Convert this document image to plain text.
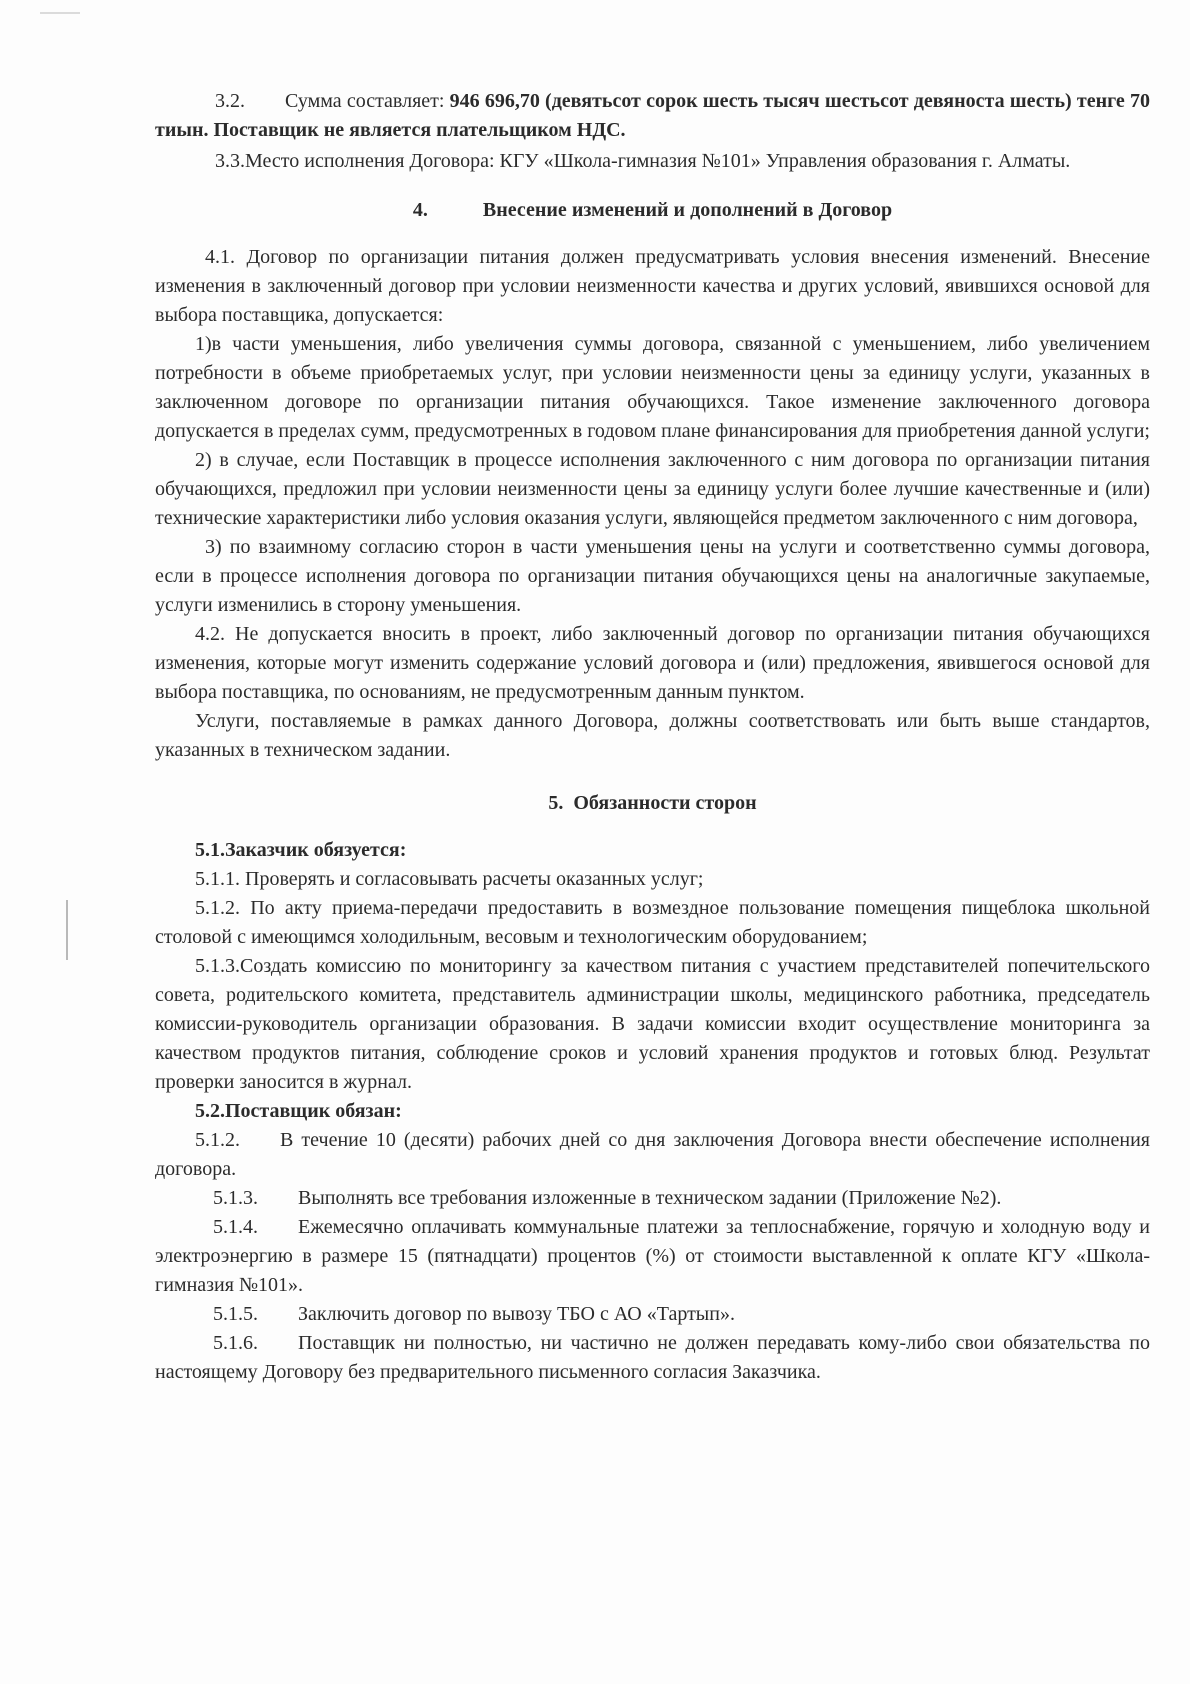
3.2. Сумма составляет: 946 696,70 (девятьсот сорок шесть тысяч шестьсот девяноста шесть) тенге 70 тиын. Поставщик не является плательщиком НДС.

3.3.Место исполнения Договора: КГУ «Школа-гимназия №101» Управления образования г. Алматы.

4.	Внесение изменений и дополнений в Договор

4.1. Договор по организации питания должен предусматривать условия внесения изменений. Внесение изменения в заключенный договор при условии неизменности качества и других условий, явившихся основой для выбора поставщика, допускается:

1)в части уменьшения, либо увеличения суммы договора, связанной с уменьшением, либо увеличением потребности в объеме приобретаемых услуг, при условии неизменности цены за единицу услуги, указанных в заключенном договоре по организации питания обучающихся. Такое изменение заключенного договора допускается в пределах сумм, предусмотренных в годовом плане финансирования для приобретения данной услуги;

2) в случае, если Поставщик в процессе исполнения заключенного с ним договора по организации питания обучающихся, предложил при условии неизменности цены за единицу услуги более лучшие качественные и (или) технические характеристики либо условия оказания услуги, являющейся предметом заключенного с ним договора,

3) по взаимному согласию сторон в части уменьшения цены на услуги и соответственно суммы договора, если в процессе исполнения договора по организации питания обучающихся цены на аналогичные закупаемые, услуги изменились в сторону уменьшения.

4.2. Не допускается вносить в проект, либо заключенный договор по организации питания обучающихся изменения, которые могут изменить содержание условий договора и (или) предложения, явившегося основой для выбора поставщика, по основаниям, не предусмотренным данным пунктом.

Услуги, поставляемые в рамках данного Договора, должны соответствовать или быть выше стандартов, указанных в техническом задании.

5. Обязанности сторон

5.1.Заказчик обязуется:

5.1.1. Проверять и согласовывать расчеты оказанных услуг;

5.1.2. По акту приема-передачи предоставить в возмездное пользование помещения пищеблока школьной столовой с имеющимся холодильным, весовым и технологическим оборудованием;

5.1.3.Создать комиссию по мониторингу за качеством питания с участием представителей попечительского совета, родительского комитета, представитель администрации школы, медицинского работника, председатель комиссии-руководитель организации образования. В задачи комиссии входит осуществление мониторинга за качеством продуктов питания, соблюдение сроков и условий хранения продуктов и готовых блюд. Результат проверки заносится в журнал.

5.2.Поставщик обязан:

5.1.2. В течение 10 (десяти) рабочих дней со дня заключения Договора внести обеспечение исполнения договора.

5.1.3. Выполнять все требования изложенные в техническом задании (Приложение №2).

5.1.4. Ежемесячно оплачивать коммунальные платежи за теплоснабжение, горячую и холодную воду и электроэнергию в размере 15 (пятнадцати) процентов (%) от стоимости выставленной к оплате КГУ «Школа- гимназия №101».

5.1.5. Заключить договор по вывозу ТБО с АО «Тартып».

5.1.6. Поставщик ни полностью, ни частично не должен передавать кому-либо свои обязательства по настоящему Договору без предварительного письменного согласия Заказчика.
